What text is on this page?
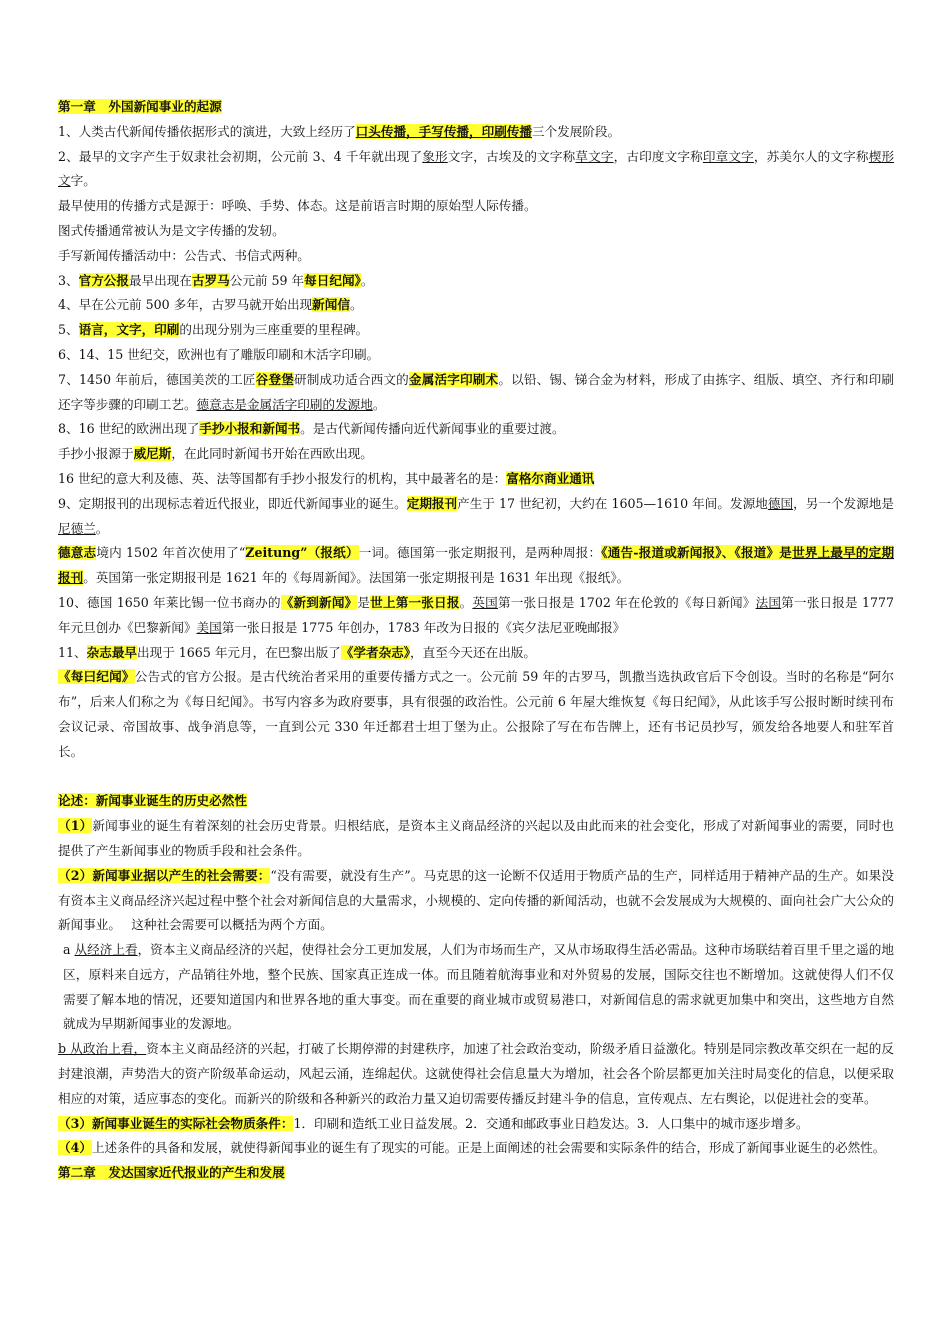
第一章　外国新闻事业的起源

1、人类古代新闻传播依据形式的演进，大致上经历了口头传播，手写传播，印刷传播三个发展阶段。

2、最早的文字产生于奴隶社会初期，公元前 3、4 千年就出现了象形文字，古埃及的文字称草文字，古印度文字称印章文字，苏美尔人的文字称楔形文字。

最早使用的传播方式是源于：呼唤、手势、体态。这是前语言时期的原始型人际传播。

图式传播通常被认为是文字传播的发轫。

手写新闻传播活动中：公告式、书信式两种。

3、官方公报最早出现在古罗马公元前 59 年每日纪闻》。

4、早在公元前 500 多年，古罗马就开始出现新闻信。

5、语言，文字，印刷的出现分别为三座重要的里程碑。

6、14、15 世纪交，欧洲也有了雕版印刷和木活字印刷。

7、1450 年前后，德国美茨的工匠谷登堡研制成功适合西文的金属活字印刷术。以铅、锡、锑合金为材料，形成了由拣字、组版、填空、齐行和印刷还字等步骤的印刷工艺。德意志是金属活字印刷的发源地。

8、16 世纪的欧洲出现了手抄小报和新闻书。是古代新闻传播向近代新闻事业的重要过渡。

手抄小报源于威尼斯，在此同时新闻书开始在西欧出现。

16 世纪的意大利及德、英、法等国都有手抄小报发行的机构，其中最著名的是：富格尔商业通讯

9、定期报刊的出现标志着近代报业，即近代新闻事业的诞生。定期报刊产生于 17 世纪初，大约在 1605—1610 年间。发源地德国，另一个发源地是尼德兰。

德意志境内 1502 年首次使用了“Zeitung”（报纸）一词。德国第一张定期报刊，是两种周报：《通告-报道或新闻报》、《报道》是世界上最早的定期报刊。英国第一张定期报刊是 1621 年的《每周新闻》。法国第一张定期报刊是 1631 年出现《报纸》。

10、德国 1650 年莱比锡一位书商办的《新到新闻》是世上第一张日报。英国第一张日报是 1702 年在伦敦的《每日新闻》法国第一张日报是 1777 年元旦创办《巴黎新闻》美国第一张日报是 1775 年创办，1783 年改为日报的《宾夕法尼亚晚邮报》

11、杂志最早出现于 1665 年元月，在巴黎出版了《学者杂志》，直至今天还在出版。

《每曰纪闻》公告式的官方公报。是古代统治者采用的重要传播方式之一。公元前 59 年的古罗马，凯撒当选执政官后下令创设。当时的名称是“阿尔布”，后来人们称之为《每日纪闻》。书写内容多为政府要事，具有很强的政治性。公元前 6 年屋大维恢复《每日纪闻》，从此该手写公报时断时续刊布会议记录、帝国故事、战争消息等，一直到公元 330 年迁都君士坦丁堡为止。公报除了写在布告牌上，还有书记员抄写，颁发给各地要人和驻军首长。

论述：新闻事业诞生的历史必然性

（1）新闻事业的诞生有着深刻的社会历史背景。归根结底，是资本主义商品经济的兴起以及由此而来的社会变化，形成了对新闻事业的需要，同时也提供了产生新闻事业的物质手段和社会条件。

（2）新闻事业据以产生的社会需要：“没有需要，就没有生产”。马克思的这一论断不仅适用于物质产品的生产，同样适用于精神产品的生产。如果没有资本主义商品经济兴起过程中整个社会对新闻信息的大量需求，小规模的、定向传播的新闻活动，也就不会发展成为大规模的、面向社会广大公众的新闻事业。　 这种社会需要可以概括为两个方面。

a 从经济上看，资本主义商品经济的兴起，使得社会分工更加发展，人们为市场而生产，又从市场取得生活必需品。这种市场联结着百里千里之遥的地区，原料来自远方，产品销往外地，整个民族、国家真正连成一体。而且随着航海事业和对外贸易的发展，国际交往也不断增加。这就使得人们不仅需要了解本地的情况，还要知道国内和世界各地的重大事变。而在重要的商业城市或贸易港口，对新闻信息的需求就更加集中和突出，这些地方自然就成为早期新闻事业的发源地。

b 从政治上看，资本主义商品经济的兴起，打破了长期停滞的封建秩序，加速了社会政治变动，阶级矛盾日益激化。特别是同宗教改革交织在一起的反封建浪潮，声势浩大的资产阶级革命运动，风起云涌，连绵起伏。这就使得社会信息量大为增加，社会各个阶层都更加关注时局变化的信息，以便采取相应的对策，适应事态的变化。而新兴的阶级和各种新兴的政治力量又迫切需要传播反封建斗争的信息，宣传观点、左右舆论，以促进社会的变革。

（3）新闻事业诞生的实际社会物质条件：1．印刷和造纸工业日益发展。2．交通和邮政事业日趋发达。3．人口集中的城市逐步增多。

（4）上述条件的具备和发展，就使得新闻事业的诞生有了现实的可能。正是上面阐述的社会需要和实际条件的结合，形成了新闻事业诞生的必然性。

第二章　发达国家近代报业的产生和发展
